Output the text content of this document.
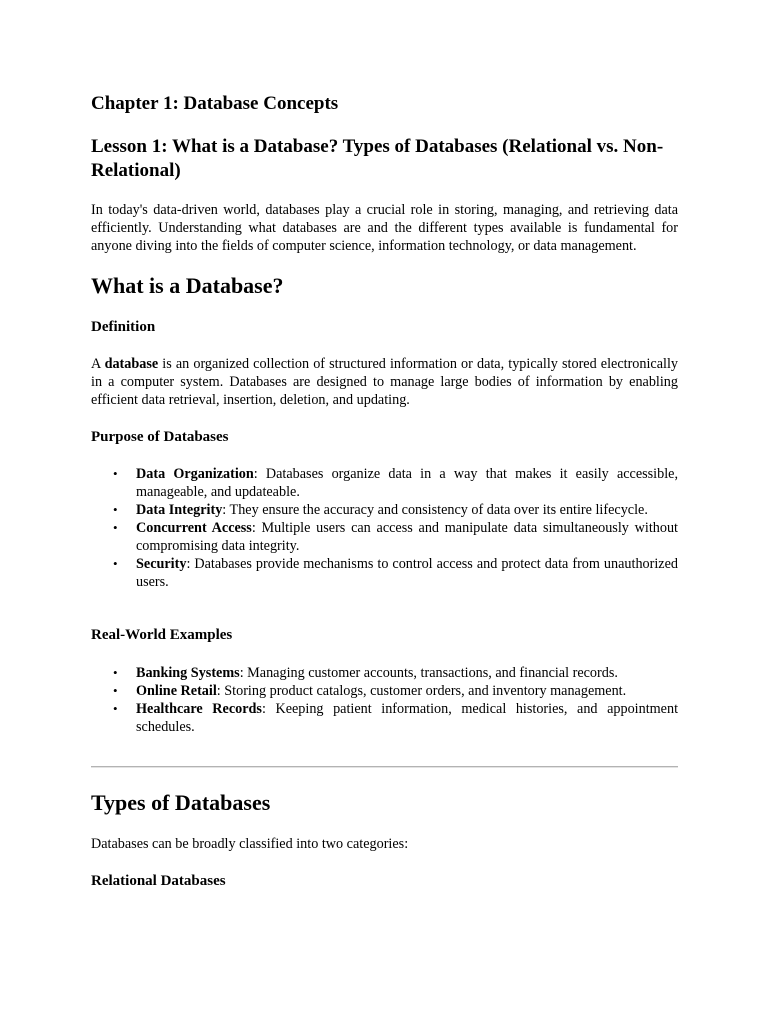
Chapter 1: Database Concepts
Lesson 1: What is a Database? Types of Databases (Relational vs. Non-Relational)

In today's data-driven world, databases play a crucial role in storing, managing, and retrieving data efficiently. Understanding what databases are and the different types available is fundamental for anyone diving into the fields of computer science, information technology, or data management.

What is a Database?
Definition

A database is an organized collection of structured information or data, typically stored electronically in a computer system. Databases are designed to manage large bodies of information by enabling efficient data retrieval, insertion, deletion, and updating.

Purpose of Databases
• Data Organization: Databases organize data in a way that makes it easily accessible, manageable, and updateable.
• Data Integrity: They ensure the accuracy and consistency of data over its entire lifecycle.
• Concurrent Access: Multiple users can access and manipulate data simultaneously without compromising data integrity.
• Security: Databases provide mechanisms to control access and protect data from unauthorized users.
Real-World Examples
• Banking Systems: Managing customer accounts, transactions, and financial records.
• Online Retail: Storing product catalogs, customer orders, and inventory management.
• Healthcare Records: Keeping patient information, medical histories, and appointment schedules.
Types of Databases

Databases can be broadly classified into two categories:

Relational Databases
